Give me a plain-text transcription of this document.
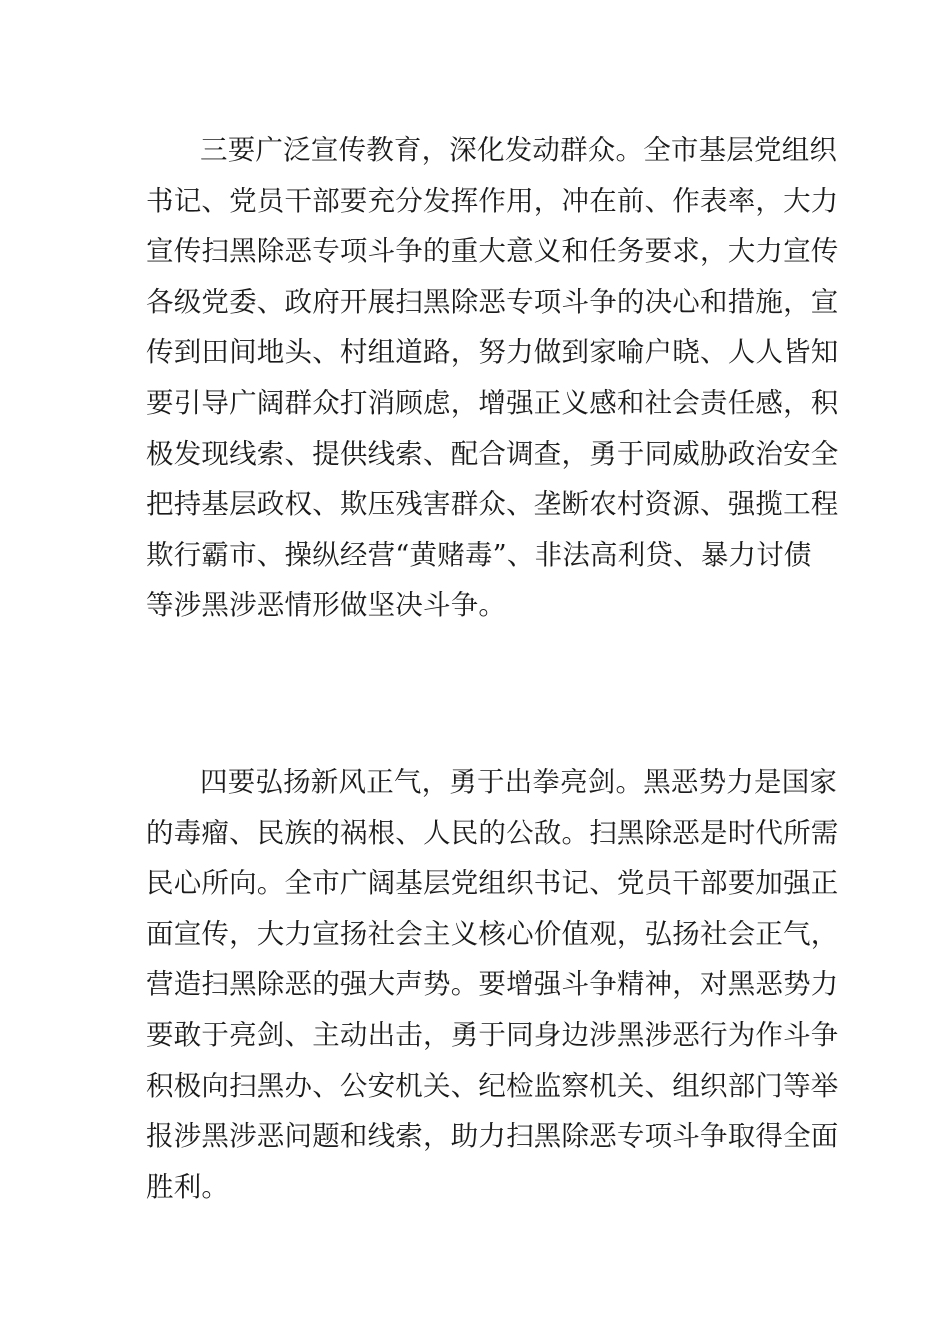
三要广泛宣传教育，深化发动群众。全市基层党组织
书记、党员干部要充分发挥作用，冲在前、作表率，大力
宣传扫黑除恶专项斗争的重大意义和任务要求，大力宣传
各级党委、政府开展扫黑除恶专项斗争的决心和措施，宣
传到田间地头、村组道路，努力做到家喻户晓、人人皆知
要引导广阔群众打消顾虑，增强正义感和社会责任感，积
极发现线索、提供线索、配合调查，勇于同威胁政治安全
把持基层政权、欺压残害群众、垄断农村资源、强揽工程
欺行霸市、操纵经营“黄赌毒”、非法高利贷、暴力讨债
等涉黑涉恶情形做坚决斗争。
四要弘扬新风正气，勇于出拳亮剑。黑恶势力是国家
的毒瘤、民族的祸根、人民的公敌。扫黑除恶是时代所需
民心所向。全市广阔基层党组织书记、党员干部要加强正
面宣传，大力宣扬社会主义核心价值观，弘扬社会正气，
营造扫黑除恶的强大声势。要增强斗争精神，对黑恶势力
要敢于亮剑、主动出击，勇于同身边涉黑涉恶行为作斗争
积极向扫黑办、公安机关、纪检监察机关、组织部门等举
报涉黑涉恶问题和线索，助力扫黑除恶专项斗争取得全面
胜利。
